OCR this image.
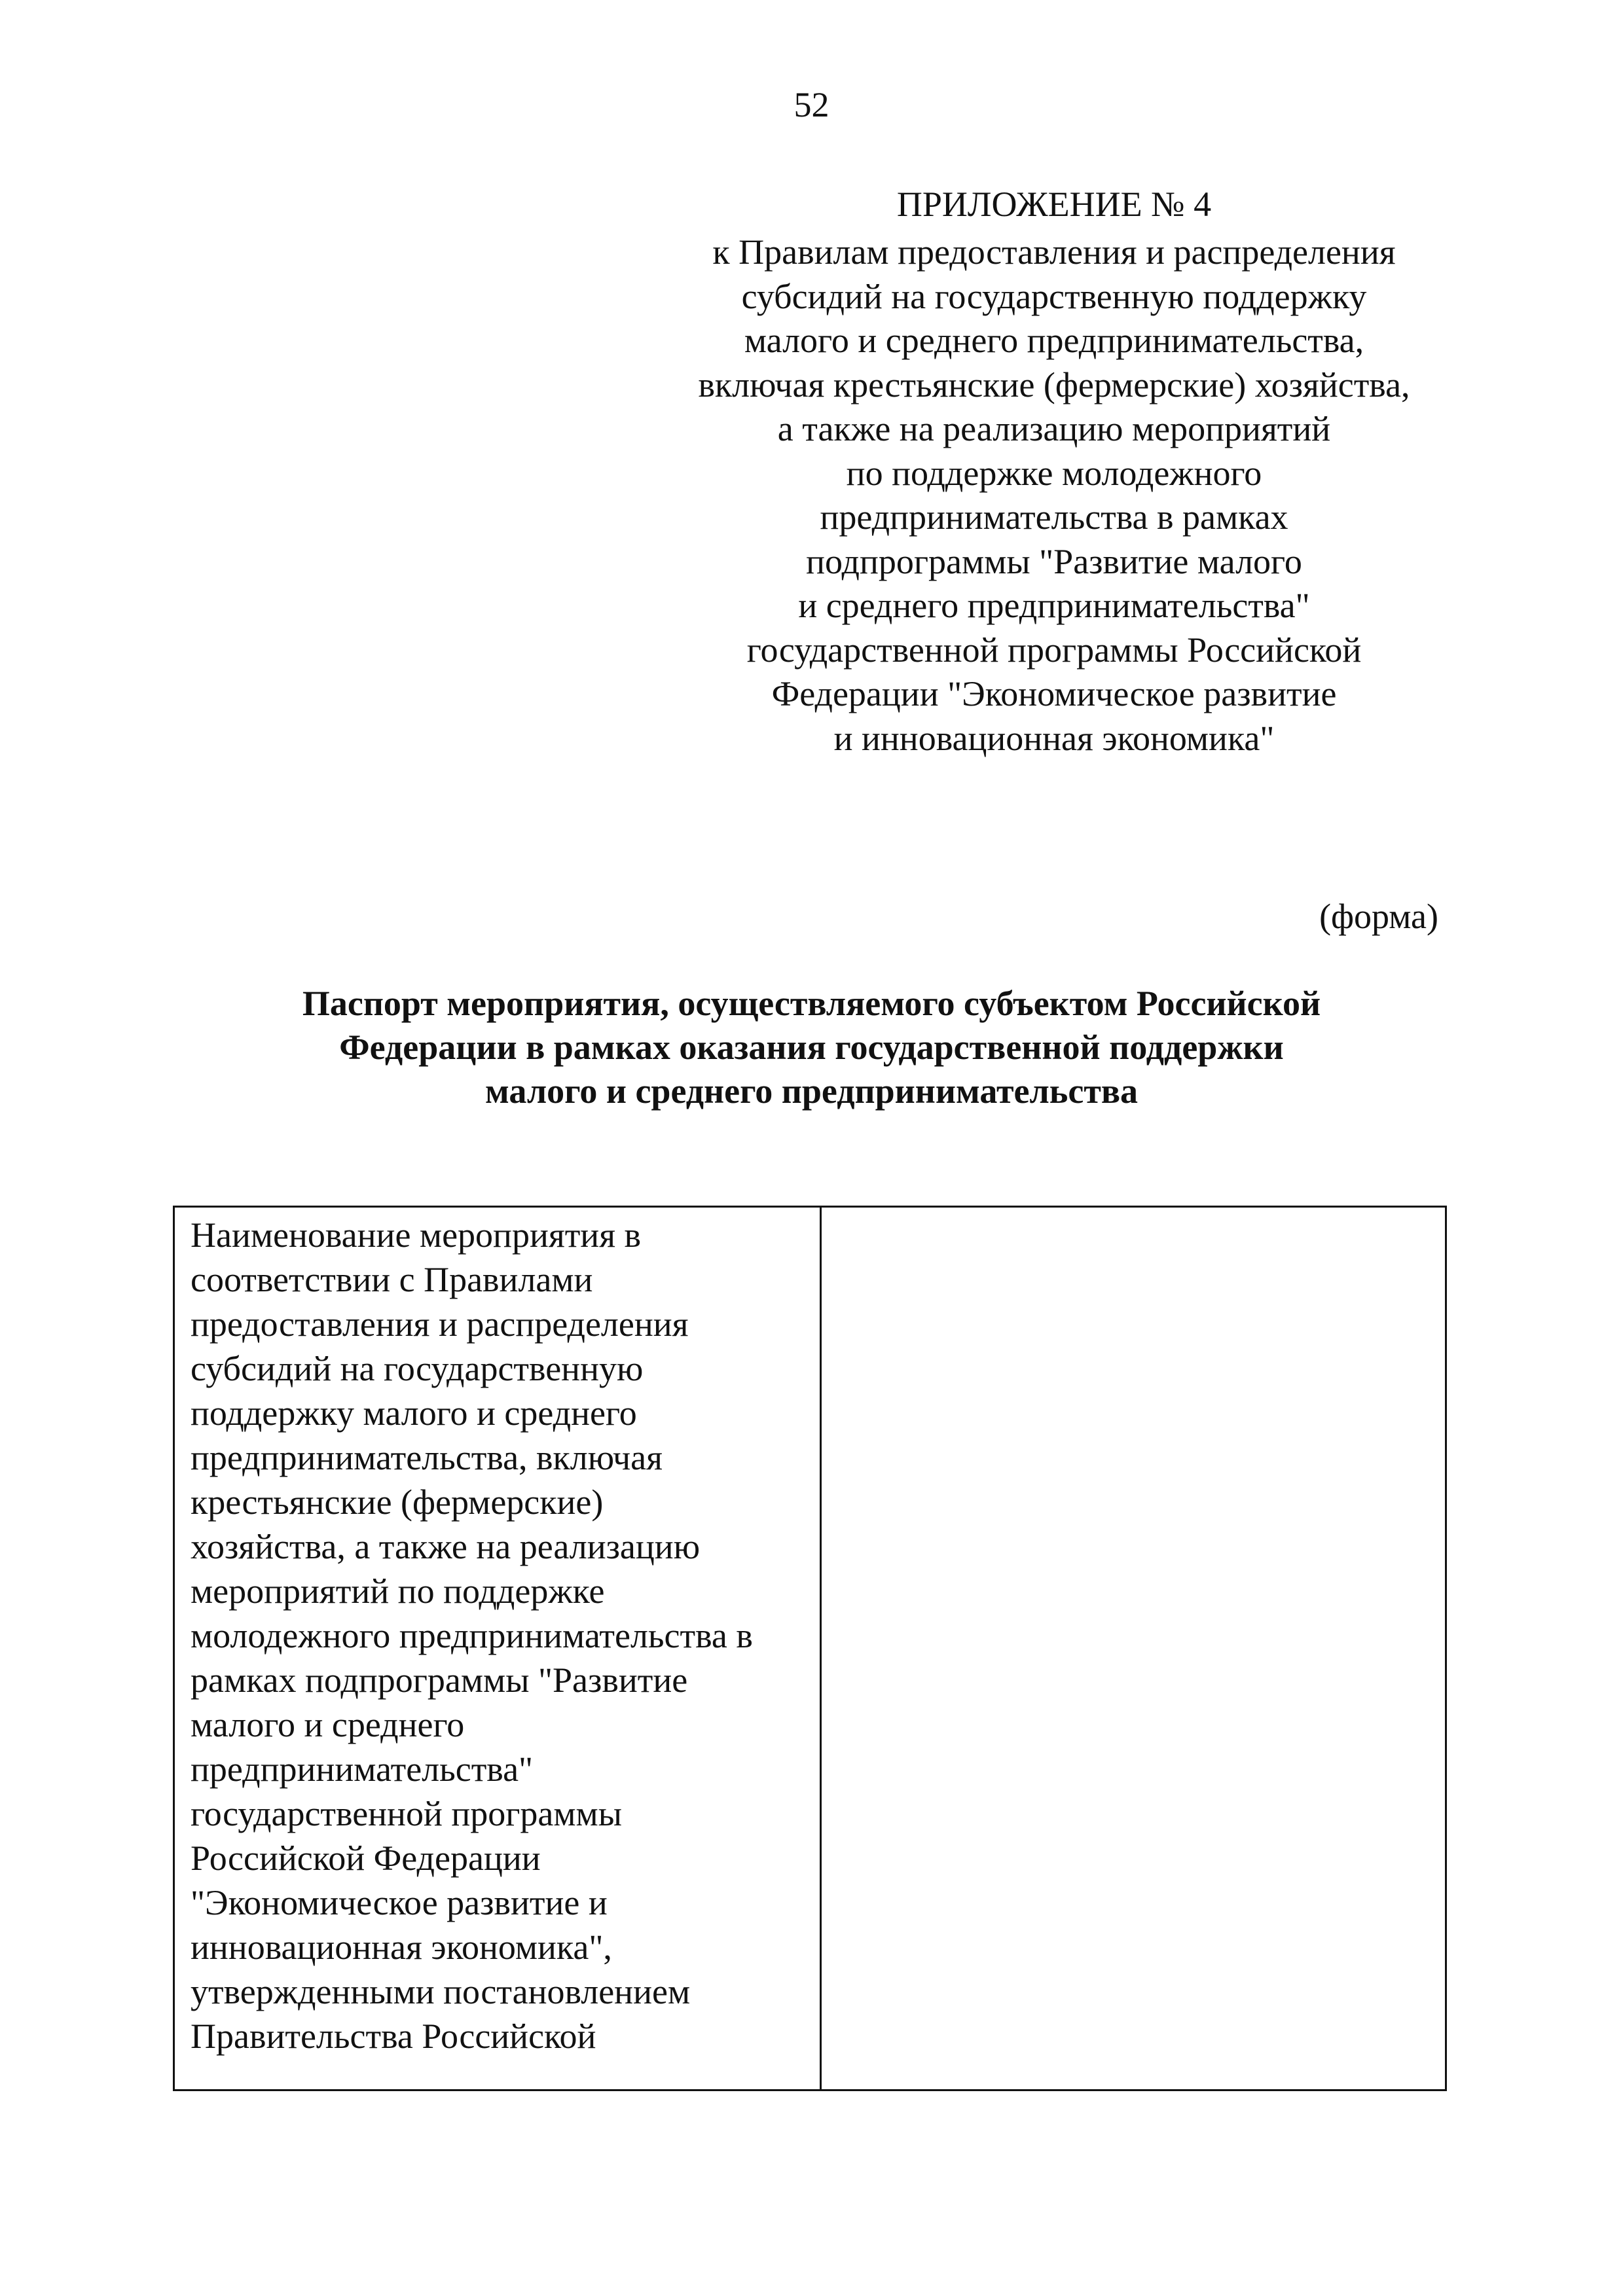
52
ПРИЛОЖЕНИЕ № 4
к Правилам предоставления и распределения
субсидий на государственную поддержку
малого и среднего предпринимательства,
включая крестьянские (фермерские) хозяйства,
а также на реализацию мероприятий
по поддержке молодежного
предпринимательства в рамках
подпрограммы "Развитие малого
и среднего предпринимательства"
государственной программы Российской
Федерации "Экономическое развитие
и инновационная экономика"
(форма)
Паспорт мероприятия, осуществляемого субъектом Российской
Федерации в рамках оказания государственной поддержки
малого и среднего предпринимательства
Наименование мероприятия в
соответствии с Правилами
предоставления и распределения
субсидий на государственную
поддержку малого и среднего
предпринимательства, включая
крестьянские (фермерские)
хозяйства, а также на реализацию
мероприятий по поддержке
молодежного предпринимательства в
рамках подпрограммы "Развитие
малого и среднего
предпринимательства"
государственной программы
Российской Федерации
"Экономическое развитие и
инновационная экономика",
утвержденными постановлением
Правительства Российской
